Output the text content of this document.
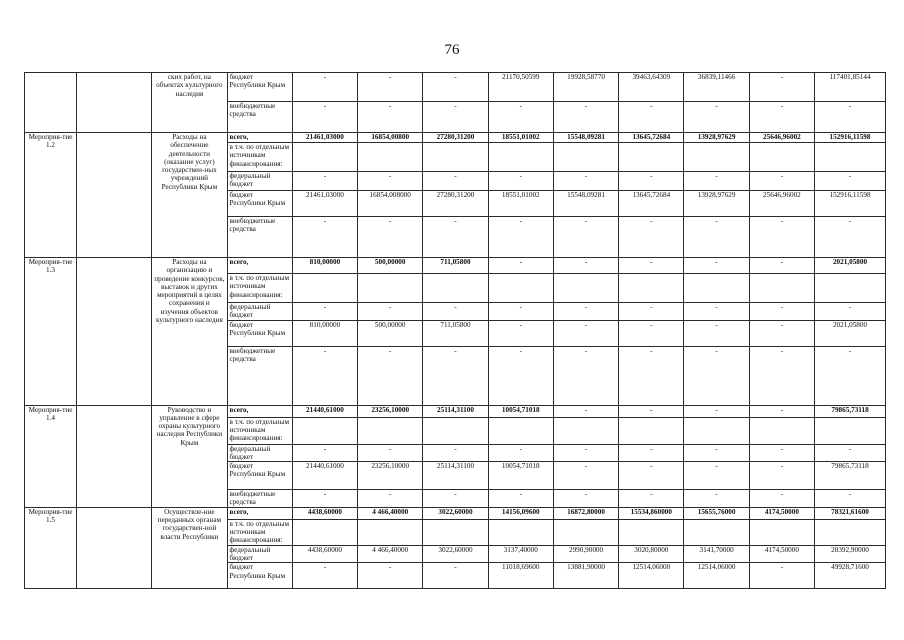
76
		ских работ, на объектах культурного наследия	бюджет Республики Крым	-	-	-	21170,50599	19928,58770	39463,64309	36839,11466	-	117401,85144
			внебюджетные средства	-	-	-	-	-	-	-	-	-
Мероприя-тие 1.2		Расходы на обеспечение деятельности (оказание услуг) государствен-ных учреждений Республики Крым	всего,	21461,03000	16854,00800	27280,31200	18551,01002	15548,09281	13645,72684	13928,97629	25646,96002	152916,11598
			в т.ч. по отдельным источникам финансирования:									
			федеральный бюджет	-	-	-	-	-	-	-	-	-
			бюджет Республики Крым	21461,03000	16854,008000	27280,31200	18551,01002	15548,09281	13645,72684	13928,97629	25646,96002	152916,11598
			внебюджетные средства	-	-	-	-	-	-	-	-	-
Мероприя-тие 1.3		Расходы на организацию и проведение конкурсов, выставок и других мероприятий в целях сохранения и изучения объектов культурного наследия	всего,	810,00000	500,00000	711,05800	-	-	-	-	-	2021,05800
			в т.ч. по отдельным источникам финансирования:									
			федеральный бюджет	-	-	-	-	-	-	-	-	-
			бюджет Республики Крым	810,00000	500,00000	711,05800	-	-	-	-	-	2021,05800
			внебюджетные средства	-	-	-	-	-	-	-	-	-
Мероприя-тие 1.4		Руководство и управление в сфере охраны культурного наследия Республики Крым	всего,	21440,61000	23256,10000	25114,31100	10054,71018	-	-	-	-	79865,73118
			в т.ч. по отдельным источникам финансирования:									
			федеральный бюджет	-	-	-	-	-	-	-	-	-
			бюджет Республики Крым	21440,61000	23256,10000	25114,31100	10054,71018	-	-	-	-	79865,73118
			внебюджетные средства	-	-	-	-	-	-	-	-	-
Мероприя-тие 1.5		Осуществле-ние переданных органам государствен-ной власти Республики	всего,	4438,60000	4 466,40000	3022,60000	14156,09600	16872,80000	15534,860000	15655,76000	4174,50000	78321,61600
			в т.ч. по отдельным источникам финансирования:									
			федеральный бюджет	4438,60000	4 466,40000	3022,60000	3137,40000	2990,90000	3020,80000	3141,70000	4174,50000	28392,90000
			бюджет Республики Крым	-	-	-	11018,69600	13881,90000	12514,06000	12514,06000	-	49928,71600
